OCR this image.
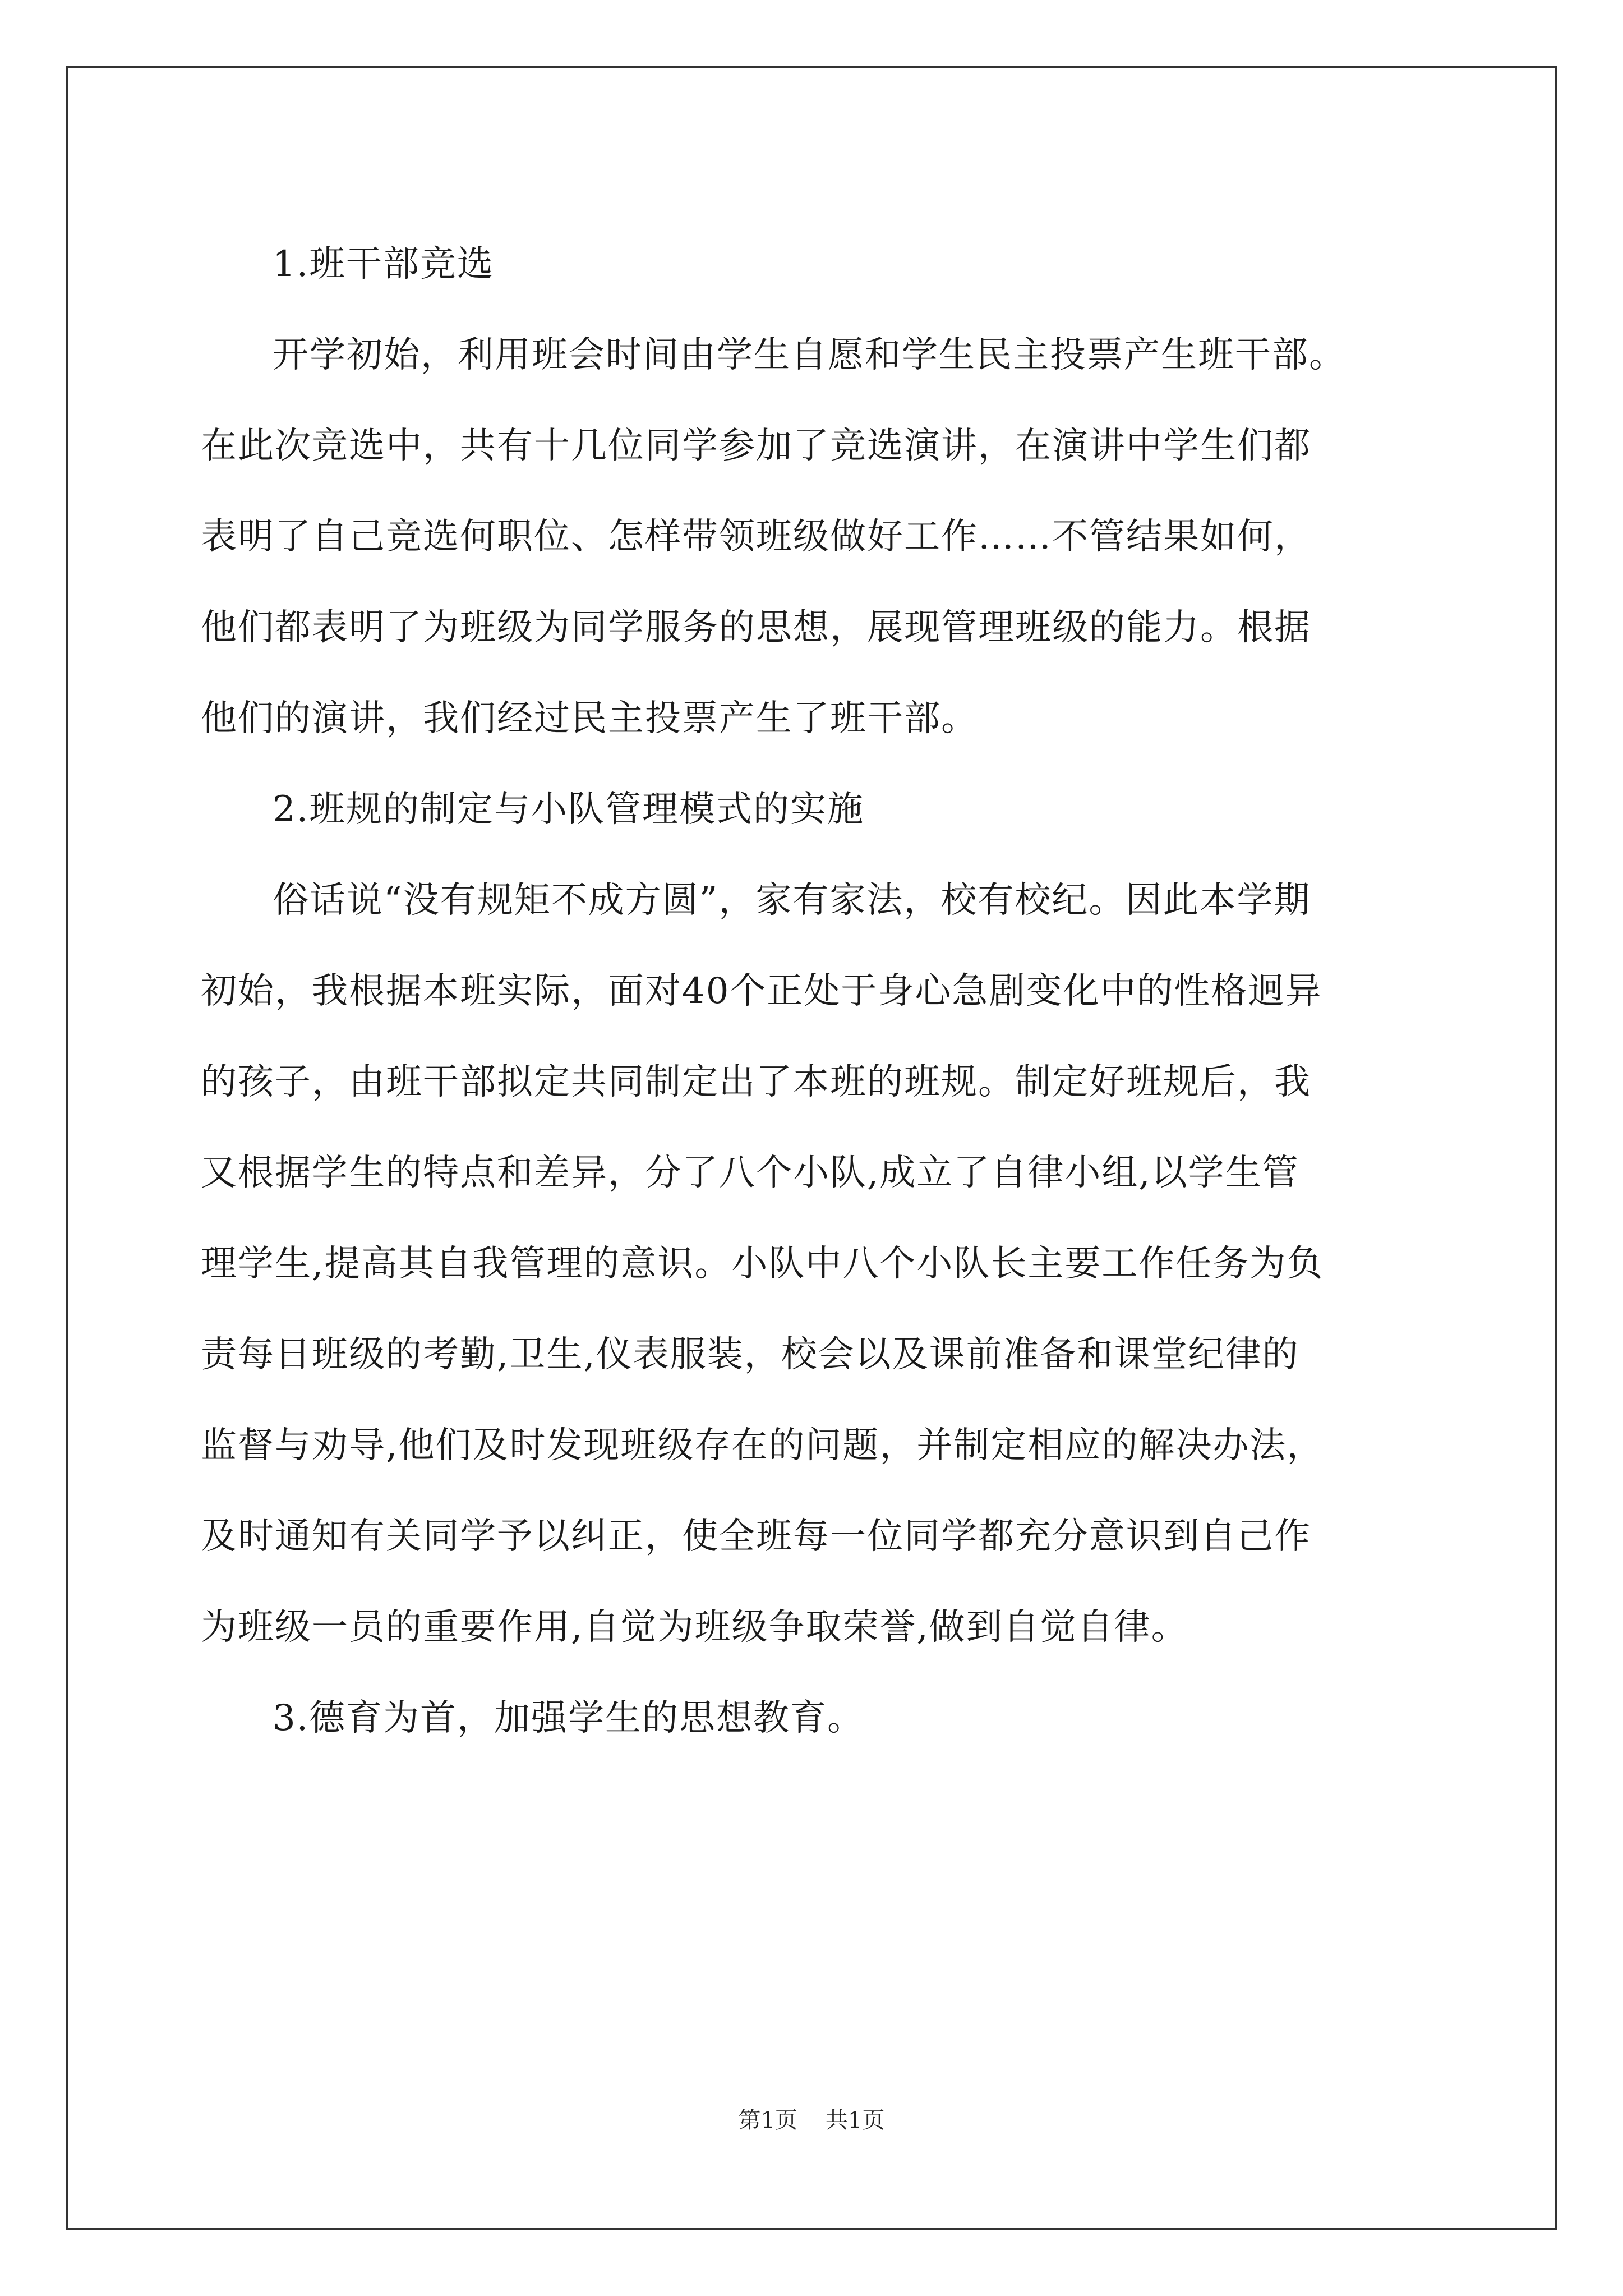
1.班干部竞选
开学初始，利用班会时间由学生自愿和学生民主投票产生班干部。
在此次竞选中，共有十几位同学参加了竞选演讲，在演讲中学生们都
表明了自己竞选何职位、怎样带领班级做好工作……不管结果如何，
他们都表明了为班级为同学服务的思想，展现管理班级的能力。根据
他们的演讲，我们经过民主投票产生了班干部。
2.班规的制定与小队管理模式的实施
俗话说“没有规矩不成方圆”，家有家法，校有校纪。因此本学期
初始，我根据本班实际，面对40个正处于身心急剧变化中的性格迥异
的孩子，由班干部拟定共同制定出了本班的班规。制定好班规后，我
又根据学生的特点和差异，分了八个小队,成立了自律小组,以学生管
理学生,提高其自我管理的意识。小队中八个小队长主要工作任务为负
责每日班级的考勤,卫生,仪表服装，校会以及课前准备和课堂纪律的
监督与劝导,他们及时发现班级存在的问题，并制定相应的解决办法，
及时通知有关同学予以纠正，使全班每一位同学都充分意识到自己作
为班级一员的重要作用,自觉为班级争取荣誉,做到自觉自律。
3.德育为首，加强学生的思想教育。
第1页 共1页
